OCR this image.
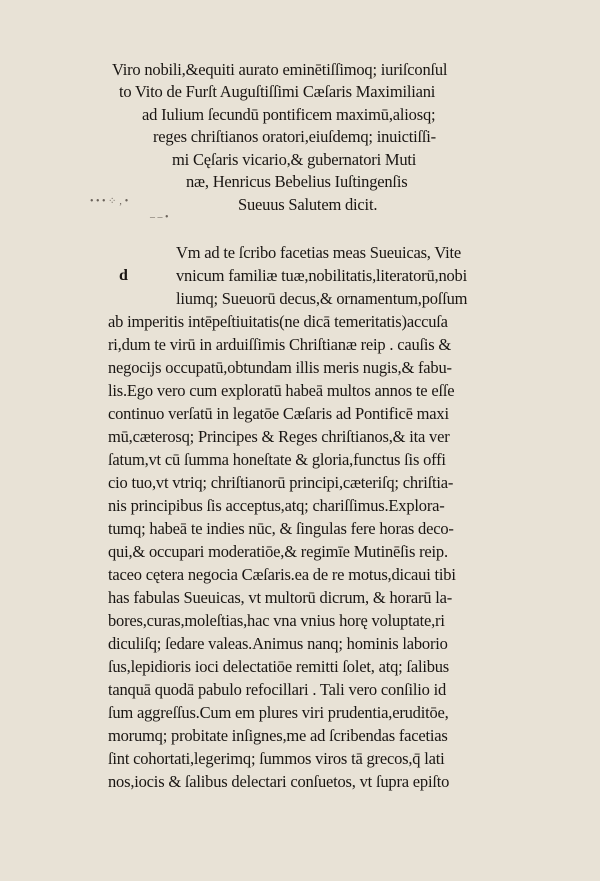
• • • ⁘ ‚ •
– – •
Viro nobili,&equiti aurato eminētiſſimoq; iuriſconſul
to Vito de Furſt Auguſtiſſimi Cæſaris Maximiliani
ad Iulium ſecundū pontificem maximū,aliosq;
reges chriſtianos oratori,eiuſdemq; inuictiſſi-
mi Cęſaris vicario,& gubernatori Muti
næ, Henricus Bebelius Iuſtingenſis
Sueuus Salutem dicit.
d
Vm ad te ſcribo facetias meas Sueuicas, Vite
vnicum familiæ tuæ,nobilitatis,literatorū,nobi
liumq; Sueuorū decus,& ornamentum,poſſum
ab imperitis intēpeſtiuitatis(ne dicā temeritatis)accuſa
ri,dum te virū in arduiſſimis Chriſtianæ reip . cauſis &
negocijs occupatū,obtundam illis meris nugis,& fabu-
lis.Ego vero cum exploratū habeā multos annos te eſſe
continuo verſatū in legatōe Cæſaris ad Pontificē maxi
mū,cæterosq; Principes & Reges chriſtianos,& ita ver
ſatum,vt cū ſumma honeſtate & gloria,functus ſis offi
cio tuo,vt vtriq; chriſtianorū principi,cæteriſq; chriſtia-
nis principibus ſis acceptus,atq; chariſſimus.Explora-
tumq; habeā te indies nūc, & ſingulas fere horas deco-
qui,& occupari moderatiōe,& regimīe Mutinēſis reip.
taceo cętera negocia Cæſaris.ea de re motus,dicaui tibi
has fabulas Sueuicas, vt multorū dicrum, & horarū la-
bores,curas,moleſtias,hac vna vnius horę voluptate,ri
diculiſq; ſedare valeas.Animus nanq; hominis laborio
ſus,lepidioris ioci delectatiōe remitti ſolet, atq; ſalibus
tanquā quodā pabulo refocillari . Tali vero conſilio id
ſum aggreſſus.Cum em plures viri prudentia,eruditōe,
morumq; probitate inſignes,me ad ſcribendas facetias
ſint cohortati,legerimq; ſummos viros tā grecos,q̄ lati
nos,iocis & ſalibus delectari conſuetos, vt ſupra epiſto
